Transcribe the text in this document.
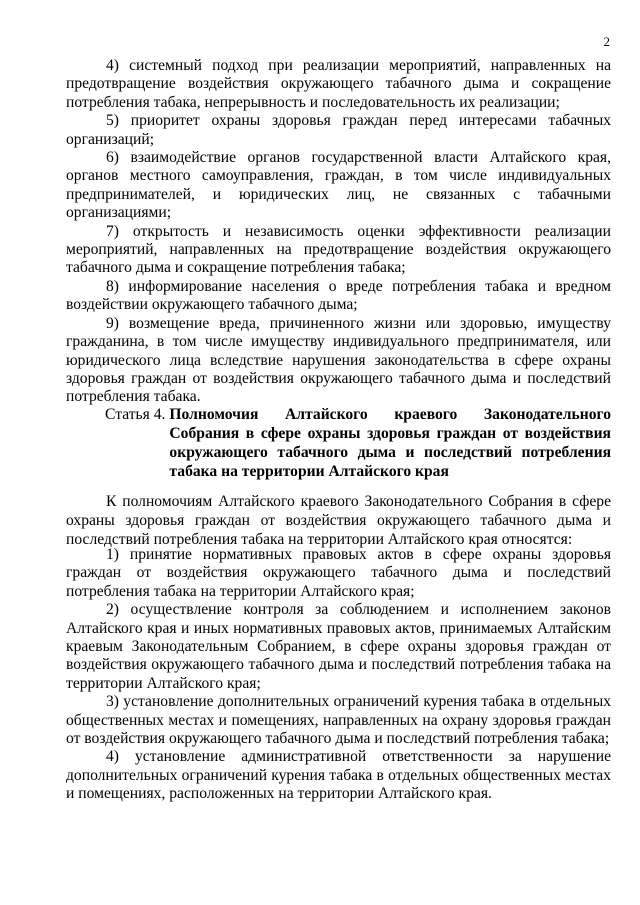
2

4) системный подход при реализации мероприятий, направленных на предотвращение воздействия окружающего табачного дыма и сокращение потребления табака, непрерывность и последовательность их реализации;

5) приоритет охраны здоровья граждан перед интересами табачных организаций;

6) взаимодействие органов государственной власти Алтайского края, органов местного самоуправления, граждан, в том числе индивидуальных предпринимателей, и юридических лиц, не связанных с табачными организациями;

7) открытость и независимость оценки эффективности реализации мероприятий, направленных на предотвращение воздействия окружающего табачного дыма и сокращение потребления табака;

8) информирование населения о вреде потребления табака и вредном воздействии окружающего табачного дыма;

9) возмещение вреда, причиненного жизни или здоровью, имуществу гражданина, в том числе имуществу индивидуального предпринимателя, или юридического лица вследствие нарушения законодательства в сфере охраны здоровья граждан от воздействия окружающего табачного дыма и последствий потребления табака.

Статья 4. Полномочия Алтайского краевого Законодательного Собрания в сфере охраны здоровья граждан от воздействия окружающего табачного дыма и последствий потребления табака на территории Алтайского края

К полномочиям Алтайского краевого Законодательного Собрания в сфере охраны здоровья граждан от воздействия окружающего табачного дыма и последствий потребления табака на территории Алтайского края относятся:

1) принятие нормативных правовых актов в сфере охраны здоровья граждан от воздействия окружающего табачного дыма и последствий потребления табака на территории Алтайского края;

2) осуществление контроля за соблюдением и исполнением законов Алтайского края и иных нормативных правовых актов, принимаемых Алтайским краевым Законодательным Собранием, в сфере охраны здоровья граждан от воздействия окружающего табачного дыма и последствий потребления табака на территории Алтайского края;

3) установление дополнительных ограничений курения табака в отдельных общественных местах и помещениях, направленных на охрану здоровья граждан от воздействия окружающего табачного дыма и последствий потребления табака;

4) установление административной ответственности за нарушение дополнительных ограничений курения табака в отдельных общественных местах и помещениях, расположенных на территории Алтайского края.
